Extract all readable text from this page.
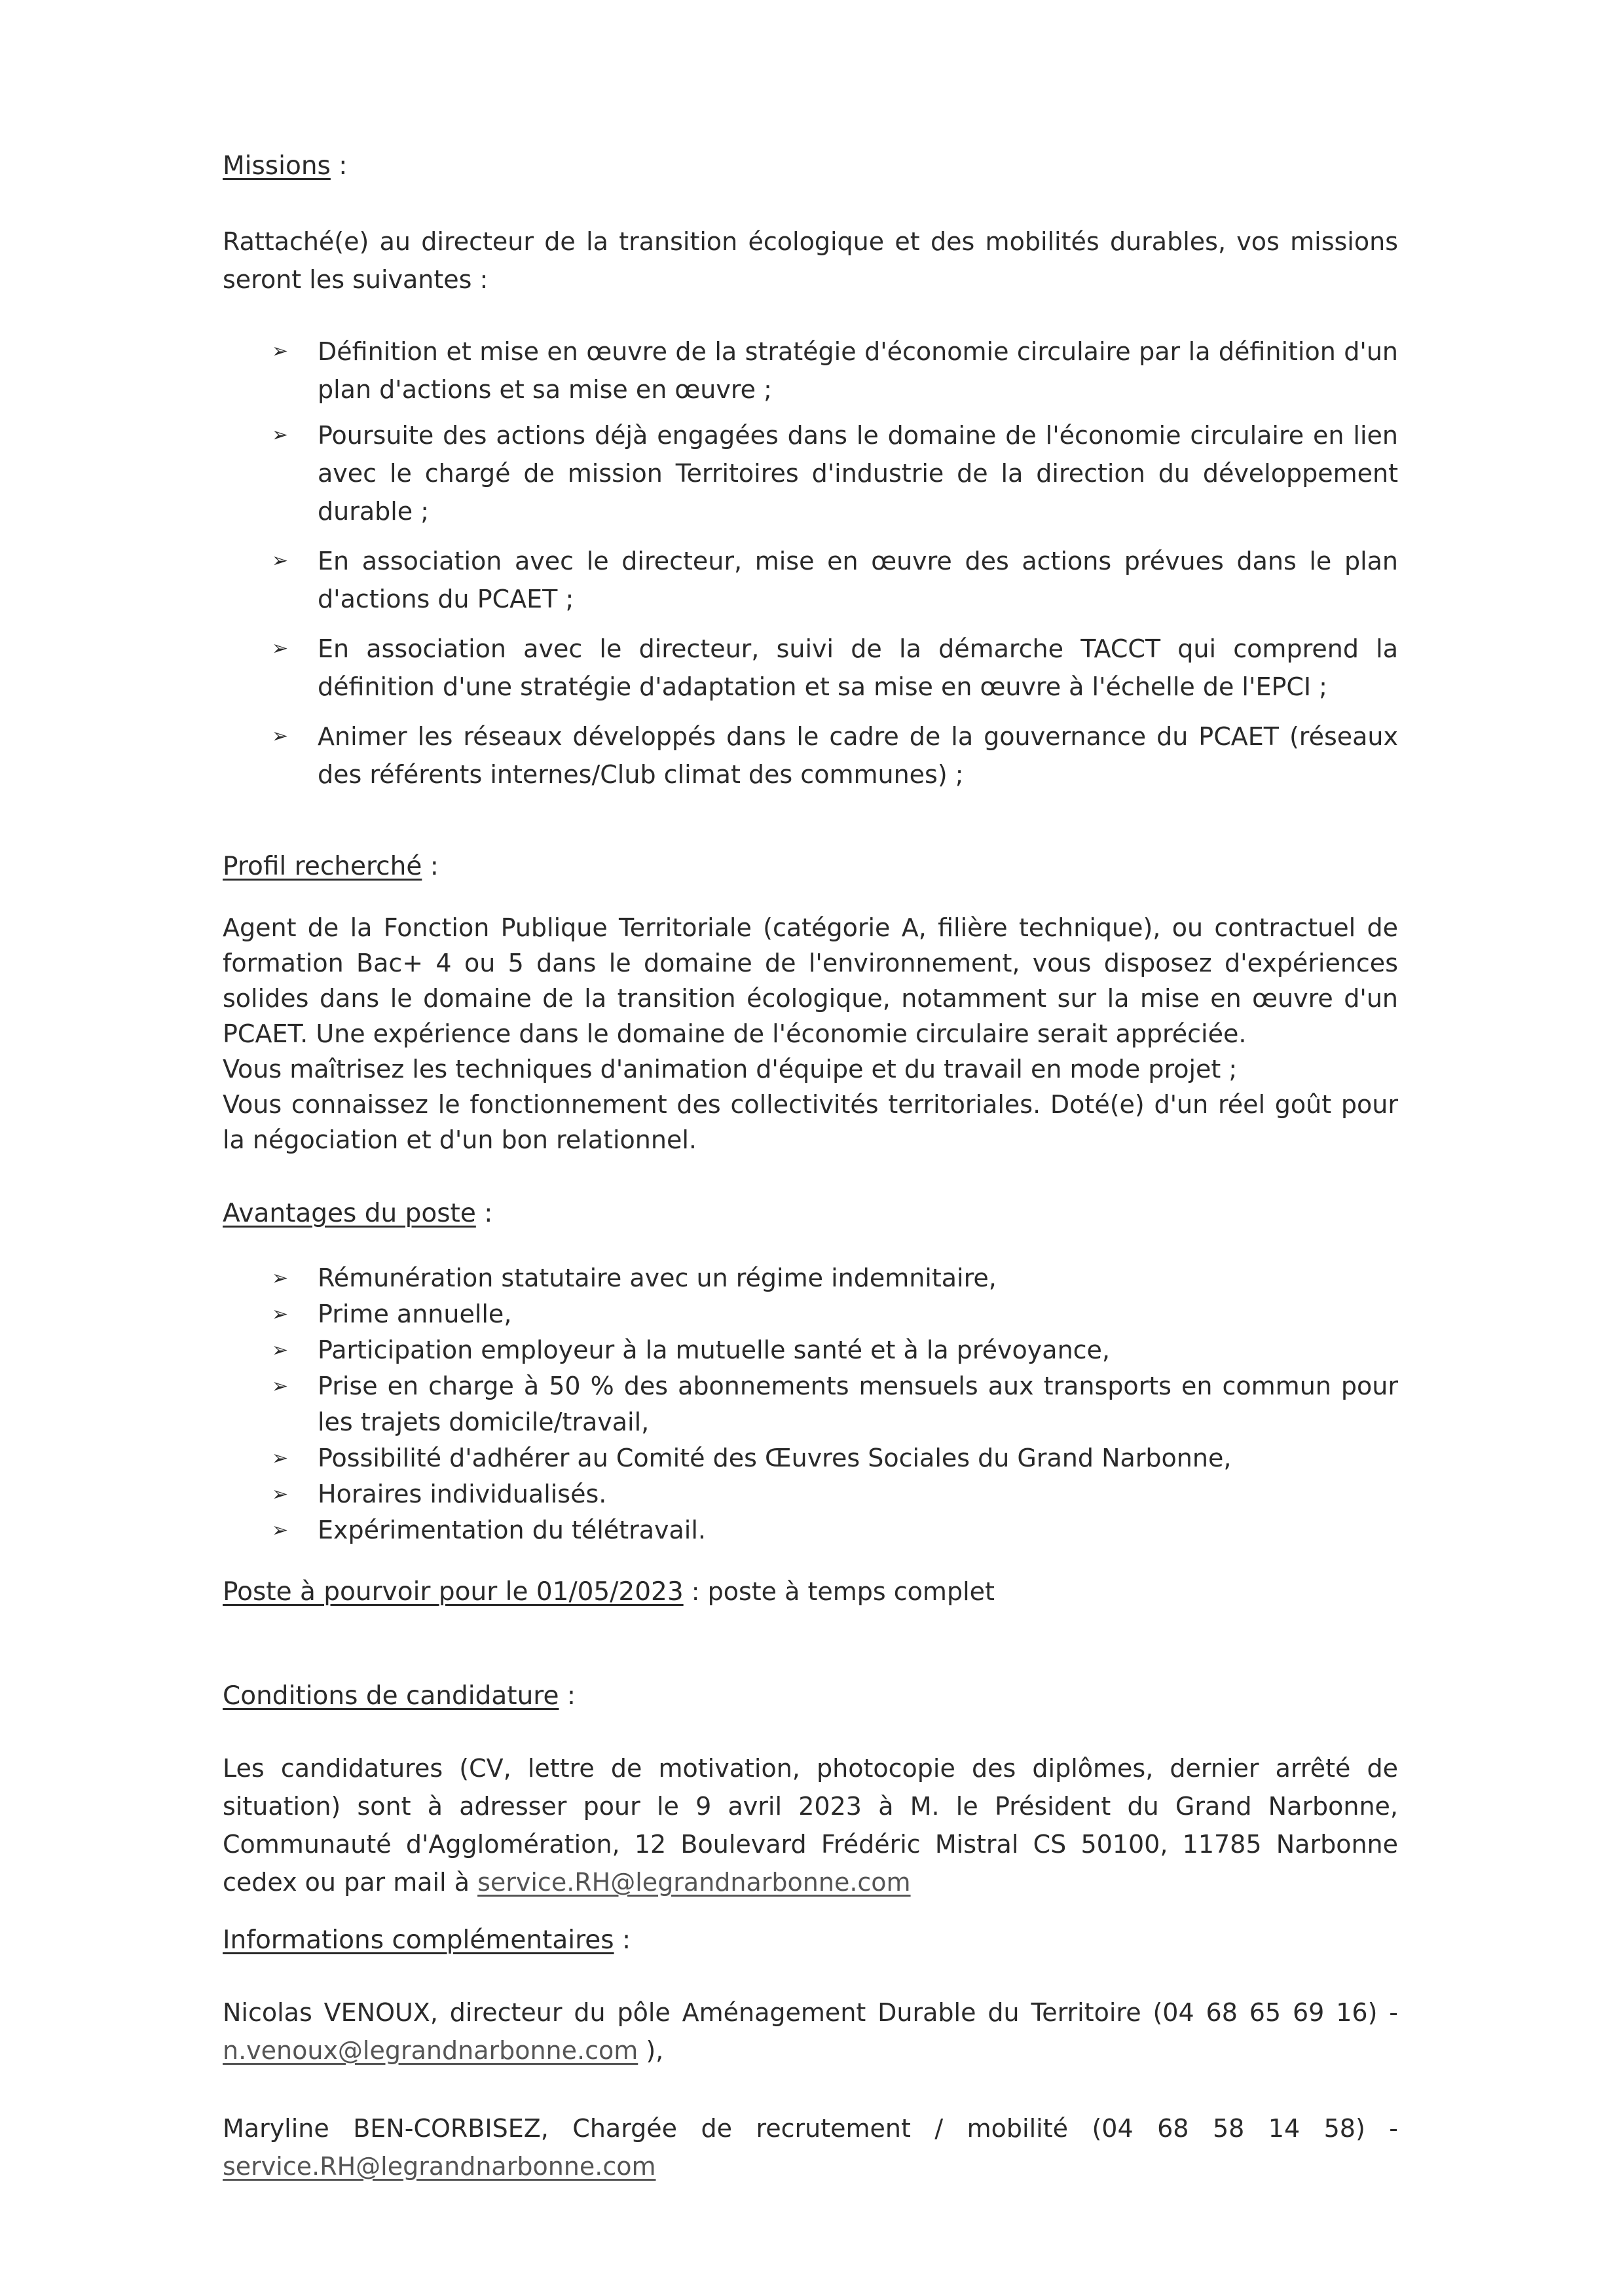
Missions :

Rattaché(e) au directeur de la transition écologique et des mobilités durables, vos missions seront les suivantes :

➢ Définition et mise en œuvre de la stratégie d'économie circulaire par la définition d'un plan d'actions et sa mise en œuvre ;
➢ Poursuite des actions déjà engagées dans le domaine de l'économie circulaire en lien avec le chargé de mission Territoires d'industrie de la direction du développement durable ;
➢ En association avec le directeur, mise en œuvre des actions prévues dans le plan d'actions du PCAET ;
➢ En association avec le directeur, suivi de la démarche TACCT qui comprend la définition d'une stratégie d'adaptation et sa mise en œuvre à l'échelle de l'EPCI ;
➢ Animer les réseaux développés dans le cadre de la gouvernance du PCAET (réseaux des référents internes/Club climat des communes) ;
Profil recherché :

Agent de la Fonction Publique Territoriale (catégorie A, filière technique), ou contractuel de formation Bac+ 4 ou 5 dans le domaine de l'environnement, vous disposez d'expériences solides dans le domaine de la transition écologique, notamment sur la mise en œuvre d'un PCAET. Une expérience dans le domaine de l'économie circulaire serait appréciée.

Vous maîtrisez les techniques d'animation d'équipe et du travail en mode projet ;

Vous connaissez le fonctionnement des collectivités territoriales. Doté(e) d'un réel goût pour la négociation et d'un bon relationnel.

Avantages du poste :
➢ Rémunération statutaire avec un régime indemnitaire,
➢ Prime annuelle,
➢ Participation employeur à la mutuelle santé et à la prévoyance,
➢ Prise en charge à 50 % des abonnements mensuels aux transports en commun pour les trajets domicile/travail,
➢ Possibilité d'adhérer au Comité des Œuvres Sociales du Grand Narbonne,
➢ Horaires individualisés.
➢ Expérimentation du télétravail.

Poste à pourvoir pour le 01/05/2023 : poste à temps complet

Conditions de candidature :

Les candidatures (CV, lettre de motivation, photocopie des diplômes, dernier arrêté de situation) sont à adresser pour le 9 avril 2023 à M. le Président du Grand Narbonne, Communauté d'Agglomération, 12 Boulevard Frédéric Mistral CS 50100, 11785 Narbonne cedex ou par mail à service.RH@legrandnarbonne.com

Informations complémentaires :

Nicolas VENOUX, directeur du pôle Aménagement Durable du Territoire (04 68 65 69 16) - n.venoux@legrandnarbonne.com ),

Maryline BEN-CORBISEZ, Chargée de recrutement / mobilité (04 68 58 14 58) - service.RH@legrandnarbonne.com
